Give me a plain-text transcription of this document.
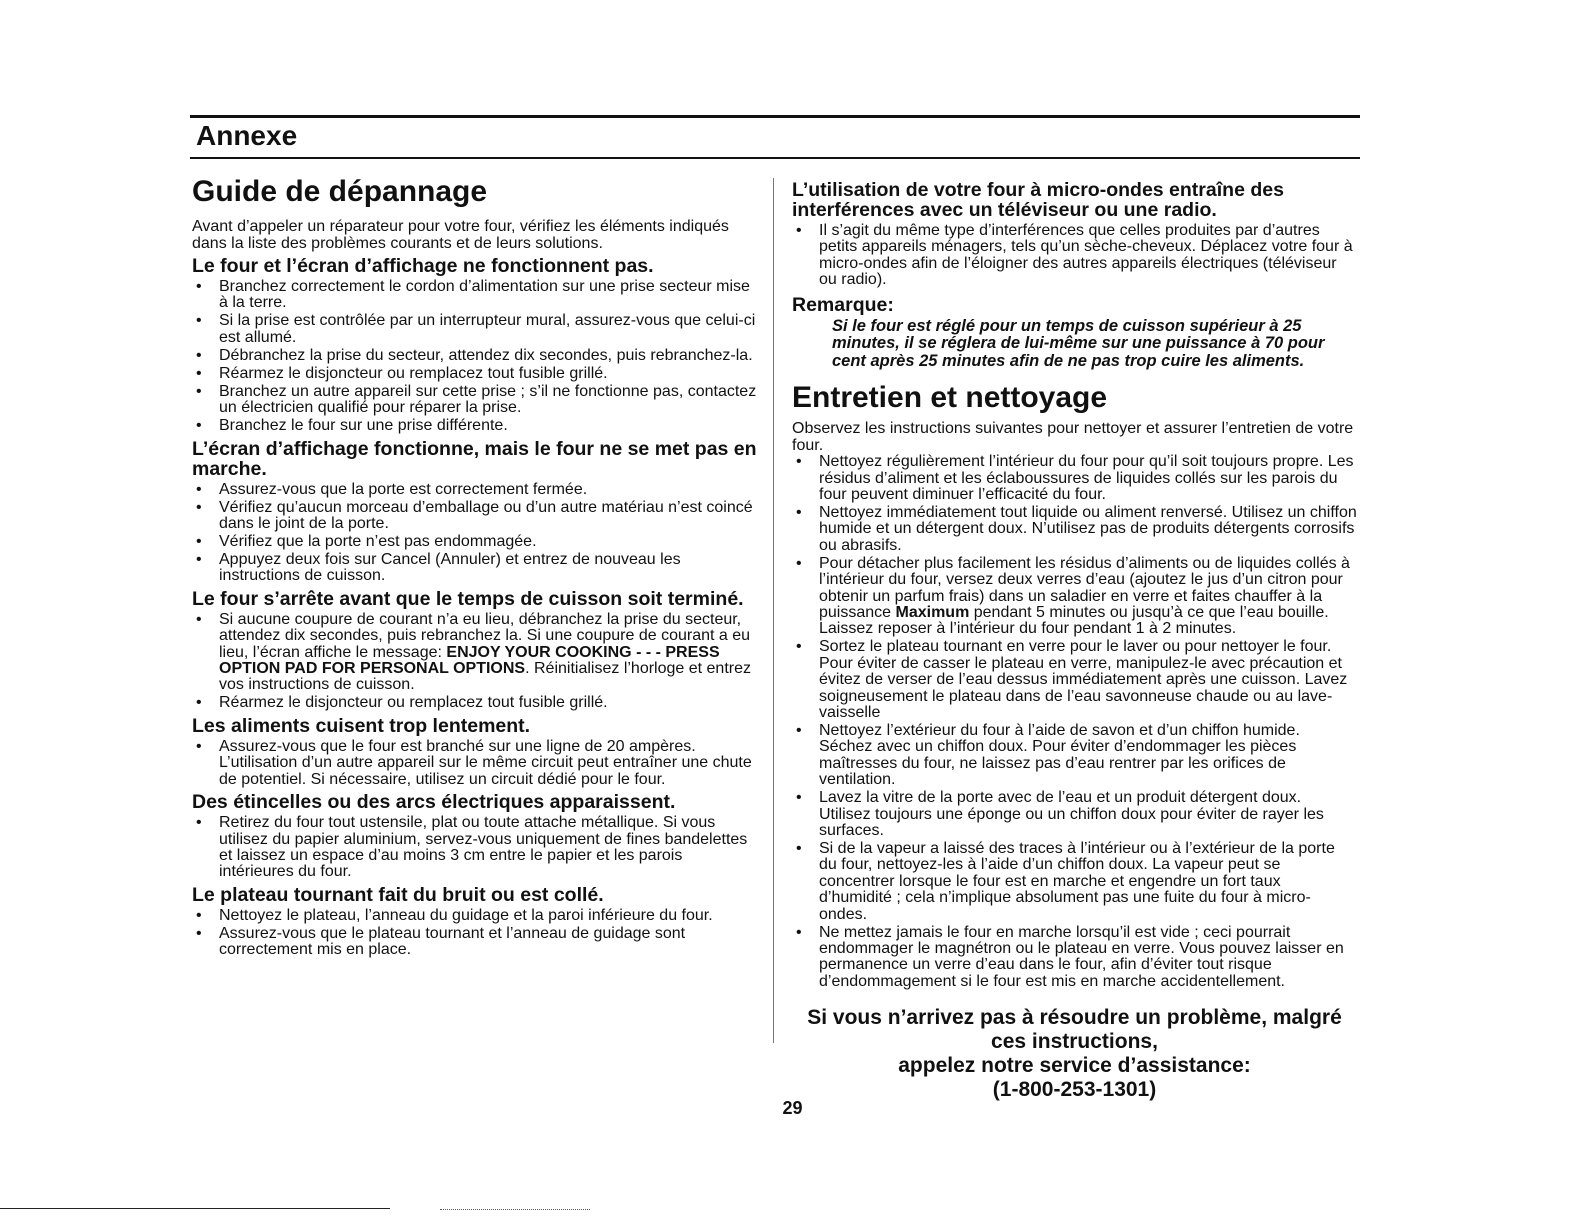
Annexe
Guide de dépannage

Avant d’appeler un réparateur pour votre four, vérifiez les éléments indiqués dans la liste des problèmes courants et de leurs solutions.

Le four et l’écran d’affichage ne fonctionnent pas.
• Branchez correctement le cordon d’alimentation sur une prise secteur mise à la terre.
• Si la prise est contrôlée par un interrupteur mural, assurez-vous que celui-ci est allumé.
• Débranchez la prise du secteur, attendez dix secondes, puis rebranchez-la.
• Réarmez le disjoncteur ou remplacez tout fusible grillé.
• Branchez un autre appareil sur cette prise ; s’il ne fonctionne pas, contactez un électricien qualifié pour réparer la prise.
• Branchez le four sur une prise différente.
L’écran d’affichage fonctionne, mais le four ne se met pas en marche.
• Assurez-vous que la porte est correctement fermée.
• Vérifiez qu’aucun morceau d’emballage ou d’un autre matériau n’est coincé dans le joint de la porte.
• Vérifiez que la porte n’est pas endommagée.
• Appuyez deux fois sur Cancel (Annuler) et entrez de nouveau les instructions de cuisson.
Le four s’arrête avant que le temps de cuisson soit terminé.
• Si aucune coupure de courant n’a eu lieu, débranchez la prise du secteur, attendez dix secondes, puis rebranchez la. Si une coupure de courant a eu lieu, l’écran affiche le message: ENJOY YOUR COOKING - - - PRESS OPTION PAD FOR PERSONAL OPTIONS. Réinitialisez l’horloge et entrez vos instructions de cuisson.
• Réarmez le disjoncteur ou remplacez tout fusible grillé.
Les aliments cuisent trop lentement.
• Assurez-vous que le four est branché sur une ligne de 20 ampères. L’utilisation d’un autre appareil sur le même circuit peut entraîner une chute de potentiel. Si nécessaire, utilisez un circuit dédié pour le four.
Des étincelles ou des arcs électriques apparaissent.
• Retirez du four tout ustensile, plat ou toute attache métallique. Si vous utilisez du papier aluminium, servez-vous uniquement de fines bandelettes et laissez un espace d’au moins 3 cm entre le papier et les parois intérieures du four.
Le plateau tournant fait du bruit ou est collé.
• Nettoyez le plateau, l’anneau du guidage et la paroi inférieure du four.
• Assurez-vous que le plateau tournant et l’anneau de guidage sont correctement mis en place.
L’utilisation de votre four à micro-ondes entraîne des interférences avec un téléviseur ou une radio.
• Il s’agit du même type d’interférences que celles produites par d’autres petits appareils ménagers, tels qu’un sèche-cheveux. Déplacez votre four à micro-ondes afin de l’éloigner des autres appareils électriques (téléviseur ou radio).
Remarque:

Si le four est réglé pour un temps de cuisson supérieur à 25 minutes, il se réglera de lui-même sur une puissance à 70 pour cent après 25 minutes afin de ne pas trop cuire les aliments.

Entretien et nettoyage

Observez les instructions suivantes pour nettoyer et assurer l’entretien de votre four.

• Nettoyez régulièrement l’intérieur du four pour qu’il soit toujours propre. Les résidus d’aliment et les éclaboussures de liquides collés sur les parois du four peuvent diminuer l’efficacité du four.
• Nettoyez immédiatement tout liquide ou aliment renversé. Utilisez un chiffon humide et un détergent doux. N’utilisez pas de produits détergents corrosifs ou abrasifs.
• Pour détacher plus facilement les résidus d’aliments ou de liquides collés à l’intérieur du four, versez deux verres d’eau (ajoutez le jus d’un citron pour obtenir un parfum frais) dans un saladier en verre et faites chauffer à la puissance Maximum pendant 5 minutes ou jusqu’à ce que l’eau bouille. Laissez reposer à l’intérieur du four pendant 1 à 2 minutes.
• Sortez le plateau tournant en verre pour le laver ou pour nettoyer le four. Pour éviter de casser le plateau en verre, manipulez-le avec précaution et évitez de verser de l’eau dessus immédiatement après une cuisson. Lavez soigneusement le plateau dans de l’eau savonneuse chaude ou au lave-vaisselle
• Nettoyez l’extérieur du four à l’aide de savon et d’un chiffon humide. Séchez avec un chiffon doux. Pour éviter d’endommager les pièces maîtresses du four, ne laissez pas d’eau rentrer par les orifices de ventilation.
• Lavez la vitre de la porte avec de l’eau et un produit détergent doux. Utilisez toujours une éponge ou un chiffon doux pour éviter de rayer les surfaces.
• Si de la vapeur a laissé des traces à l’intérieur ou à l’extérieur de la porte du four, nettoyez-les à l’aide d’un chiffon doux. La vapeur peut se concentrer lorsque le four est en marche et engendre un fort taux d’humidité ; cela n’implique absolument pas une fuite du four à micro-ondes.
• Ne mettez jamais le four en marche lorsqu’il est vide ; ceci pourrait endommager le magnétron ou le plateau en verre. Vous pouvez laisser en permanence un verre d’eau dans le four, afin d’éviter tout risque d’endommagement si le four est mis en marche accidentellement.
Si vous n’arrivez pas à résoudre un problème, malgré
ces instructions,
appelez notre service d’assistance:
(1-800-253-1301)
29
